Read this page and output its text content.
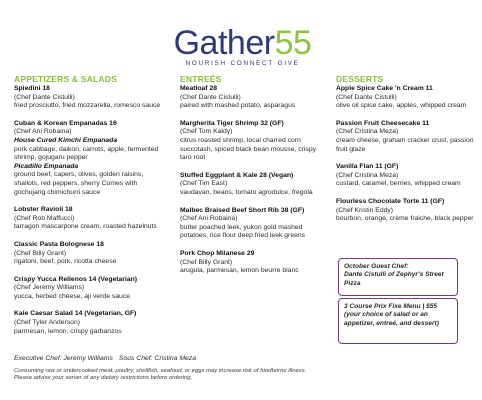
Gather55
NOURISH·CONNECT·GIVE
APPETIZERS & SALADS
Spiedini 18
(Chef Dante Cistulli)
fried prosciutto, fried mozzarella, romesco sauce
Cuban & Korean Empanadas 16
(Chef Ani Robaina)
House Cured Kimchi Empanada
pork cabbage, daikon, carrots, apple, fermented shrimp, gojugaru pepper
Picadillo Empanada
ground beef, capers, olives, golden raisins, shallots, red peppers, sherry Comes with gochujang chimichurri sauce
Lobster Ravioli 18
(Chef Rob Maffucci)
tarragon mascarpone cream, roasted hazelnuts
Classic Pasta Bolognese 18
(Chef Billy Grant)
rigatoni, beef, pork, ricotta cheese
Crispy Yucca Rellenos 14 (Vegetarian)
(Chef Jeremy Williams)
yucca, herbed cheese, aji verde sauce
Kale Caesar Salad 14 (Vegetarian, GF)
(Chef Tyler Anderson)
parmesan, lemon, crispy garbanzos
ENTREÉS
Meatloaf 28
(Chef Dante Cistulli)
paired with mashed potato, asparagus
Margherita Tiger Shrimp 32 (GF)
(Chef Tom Kaldy)
citrus roasted shrimp, local charred corn succotash, spiced black bean mousse, crispy taro root
Stuffed Eggplant & Kale 28 (Vegan)
(Chef Tim East)
vaudavan, beans, tomato agrodulce, fregola
Malbec Braised Beef Short Rib 38 (GF)
(Chef Ani Robaina)
butter poached leek, yukon gold mashed potatoes, rice flour deep fried leek greens
Pork Chop Milanese 29
(Chef Billy Grant)
arugula, parmesan, lemon beurre blanc
DESSERTS
Apple Spice Cake 'n Cream 11
(Chef Dante Cistulli)
olive oil spice cake, apples, whipped cream
Passion Fruit Cheesecake 11
(Chef Cristina Meza)
cream cheese, graham cracker crust, passion fruit glaze
Vanilla Flan 11 (GF)
(Chef Cristina Meza)
custard, caramel, berries, whipped cream
Flourless Chocolate Torte 11 (GF)
(Chef Kristin Eddy)
bourbon, orange, crème fraiche, black pepper

October Guest Chef:

Dante Cistulli of Zephyr's Street Pizza

3 Course Prix Fixe Menu | $55

(your choice of salad or an appetizer, entreé, and dessert)

Executive Chef: Jeremy Williams Sous Chef: Cristina Meza
Consuming raw or undercooked meat, poultry, shellfish, seafood, or eggs may increase risk of foodborne illness.
Please advise your server of any dietary restrictions before ordering.
